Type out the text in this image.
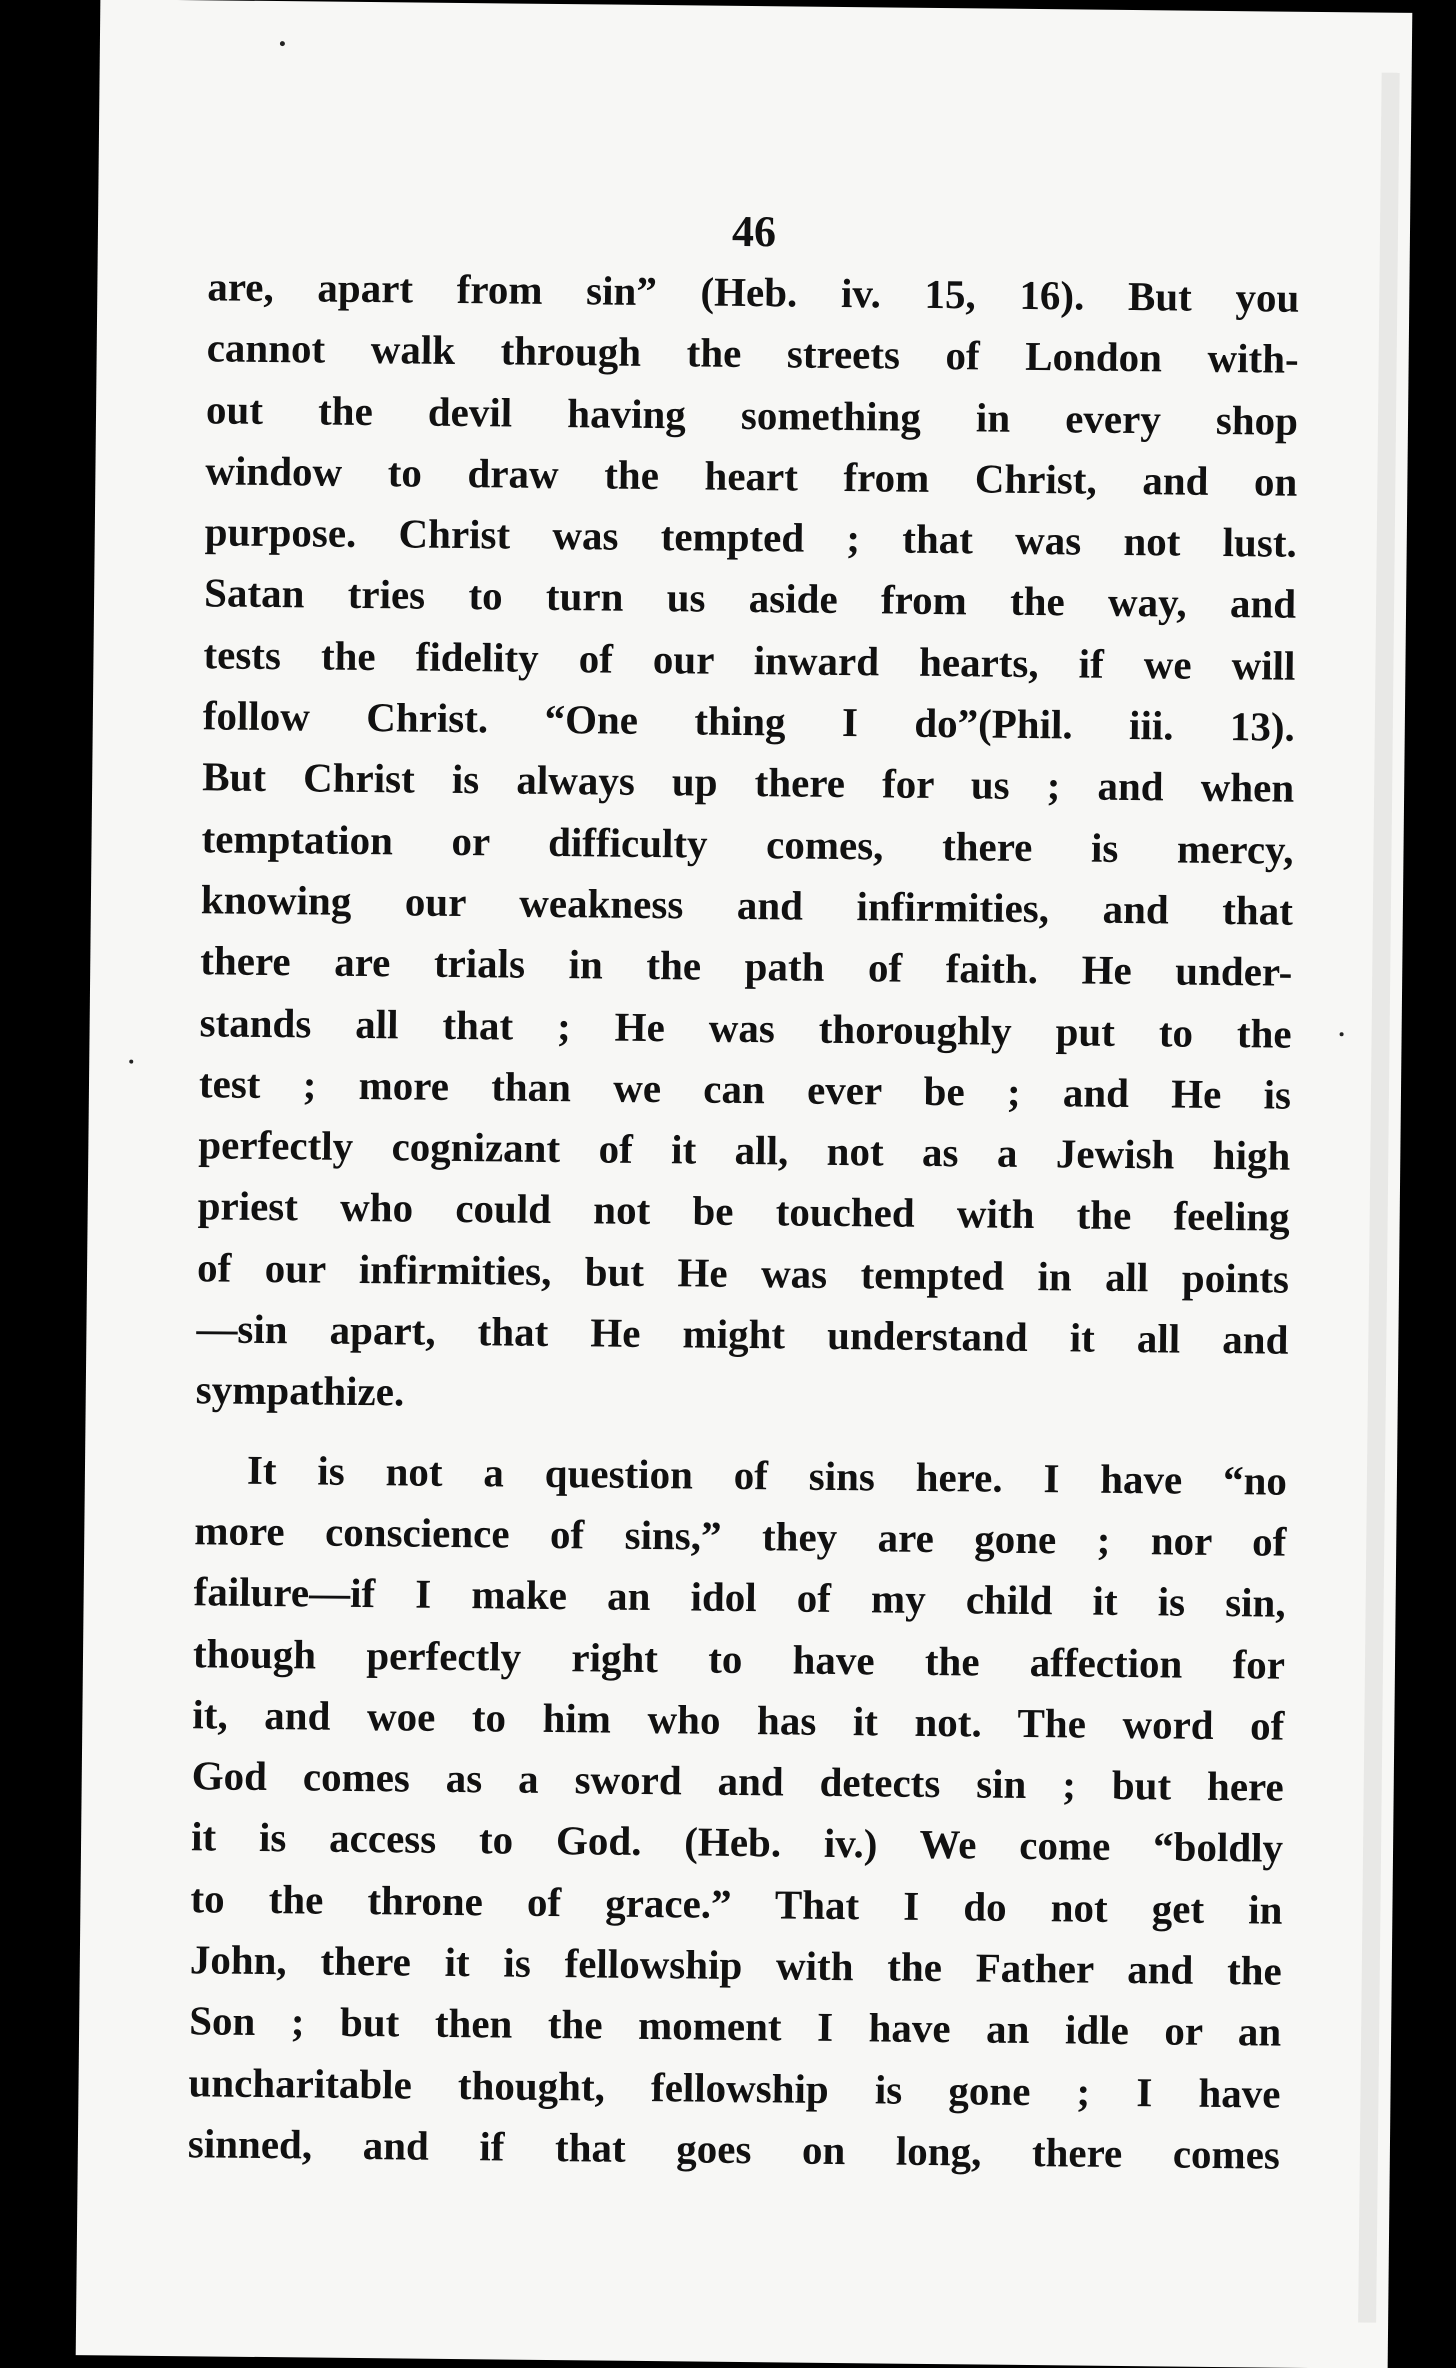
46

are, apart from sin” (Heb. iv. 15, 16). But you
cannot walk through the streets of London with-
out the devil having something in every shop
window to draw the heart from Christ, and on
purpose. Christ was tempted ; that was not lust.
Satan tries to turn us aside from the way, and
tests the fidelity of our inward hearts, if we will
follow Christ. “One thing I do”(Phil. iii. 13).
But Christ is always up there for us ; and when
temptation or difficulty comes, there is mercy,
knowing our weakness and infirmities, and that
there are trials in the path of faith. He under-
stands all that ; He was thoroughly put to the
test ; more than we can ever be ; and He is
perfectly cognizant of it all, not as a Jewish high
priest who could not be touched with the feeling
of our infirmities, but He was tempted in all points
—sin apart, that He might understand it all and
sympathize.

It is not a question of sins here. I have “no
more conscience of sins,” they are gone ; nor of
failure—if I make an idol of my child it is sin,
though perfectly right to have the affection for
it, and woe to him who has it not. The word of
God comes as a sword and detects sin ; but here
it is access to God. (Heb. iv.) We come “boldly
to the throne of grace.” That I do not get in
John, there it is fellowship with the Father and the
Son ; but then the moment I have an idle or an
uncharitable thought, fellowship is gone ; I have
sinned, and if that goes on long, there comes
